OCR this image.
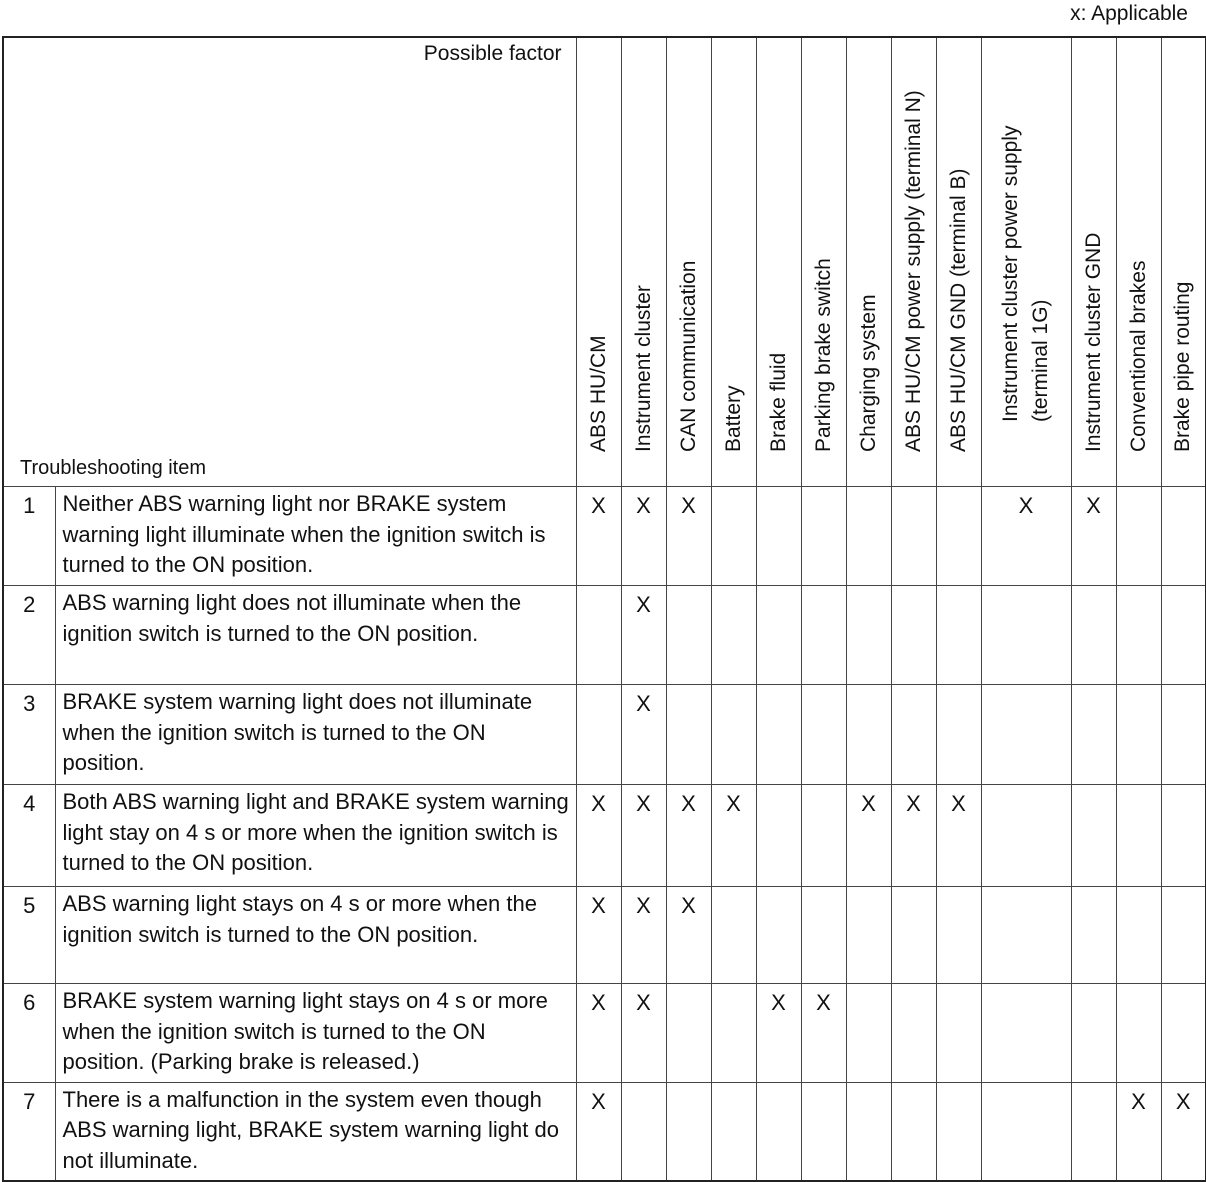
x: Applicable
Possible factor
Troubleshooting item		ABS HU/CM	Instrument cluster	CAN communication	Battery	Brake fluid	Parking brake switch	Charging system	ABS HU/CM power supply (terminal N)	ABS HU/CM GND (terminal B)	Instrument cluster power supply
(terminal 1G)	Instrument cluster GND	Conventional brakes	Brake pipe routing

1	Neither ABS warning light nor BRAKE system warning light illuminate when the ignition switch is turned to the ON position.	X	X	X							X	X		
2	ABS warning light does not illuminate when the ignition switch is turned to the ON position.		X											
3	BRAKE system warning light does not illuminate when the ignition switch is turned to the ON position.		X											
4	Both ABS warning light and BRAKE system warning light stay on 4 s or more when the ignition switch is turned to the ON position.	X	X	X	X			X	X	X				
5	ABS warning light stays on 4 s or more when the ignition switch is turned to the ON position.	X	X	X										
6	BRAKE system warning light stays on 4 s or more when the ignition switch is turned to the ON position. (Parking brake is released.)	X	X			X	X							
7	There is a malfunction in the system even though ABS warning light, BRAKE system warning light do not illuminate.	X											X	X
